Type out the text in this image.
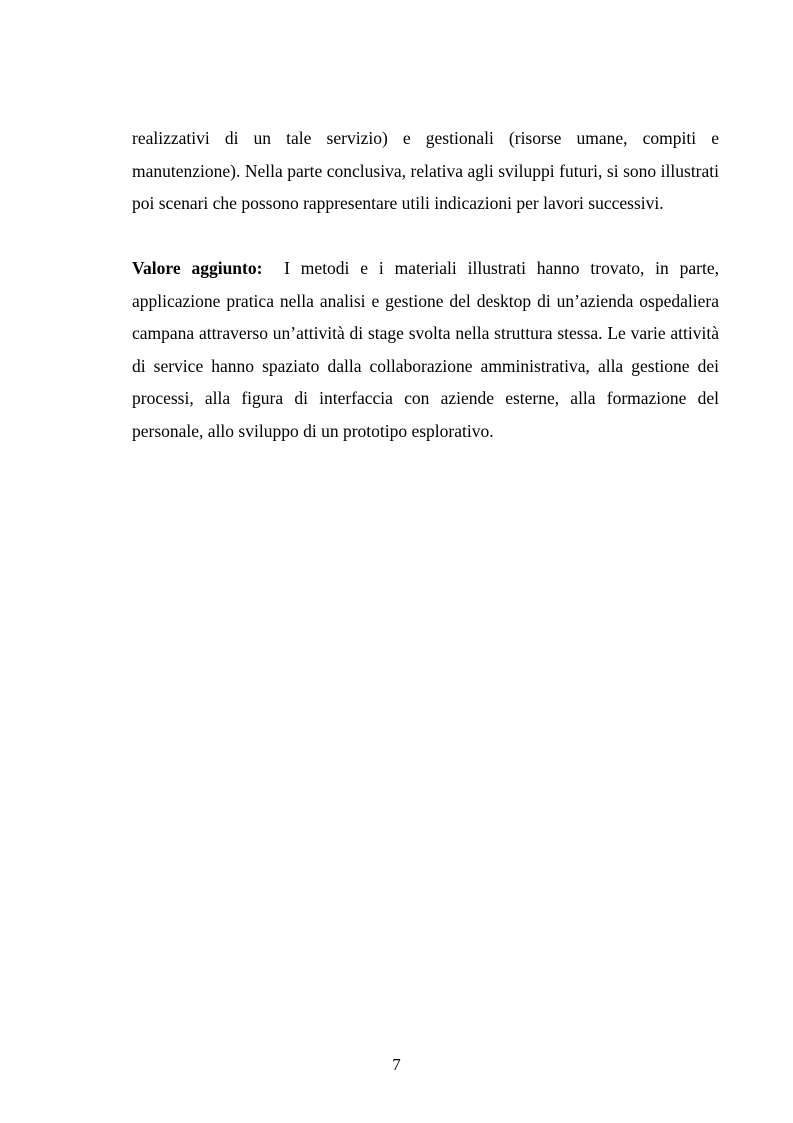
realizzativi di un tale servizio) e gestionali (risorse umane, compiti e manutenzione). Nella parte conclusiva, relativa agli sviluppi futuri, si sono illustrati poi scenari che possono rappresentare utili indicazioni per lavori successivi.

Valore aggiunto: I metodi e i materiali illustrati hanno trovato, in parte, applicazione pratica nella analisi e gestione del desktop di un’azienda ospedaliera campana attraverso un’attività di stage svolta nella struttura stessa. Le varie attività di service hanno spaziato dalla collaborazione amministrativa, alla gestione dei processi, alla figura di interfaccia con aziende esterne, alla formazione del personale, allo sviluppo di un prototipo esplorativo.

7
